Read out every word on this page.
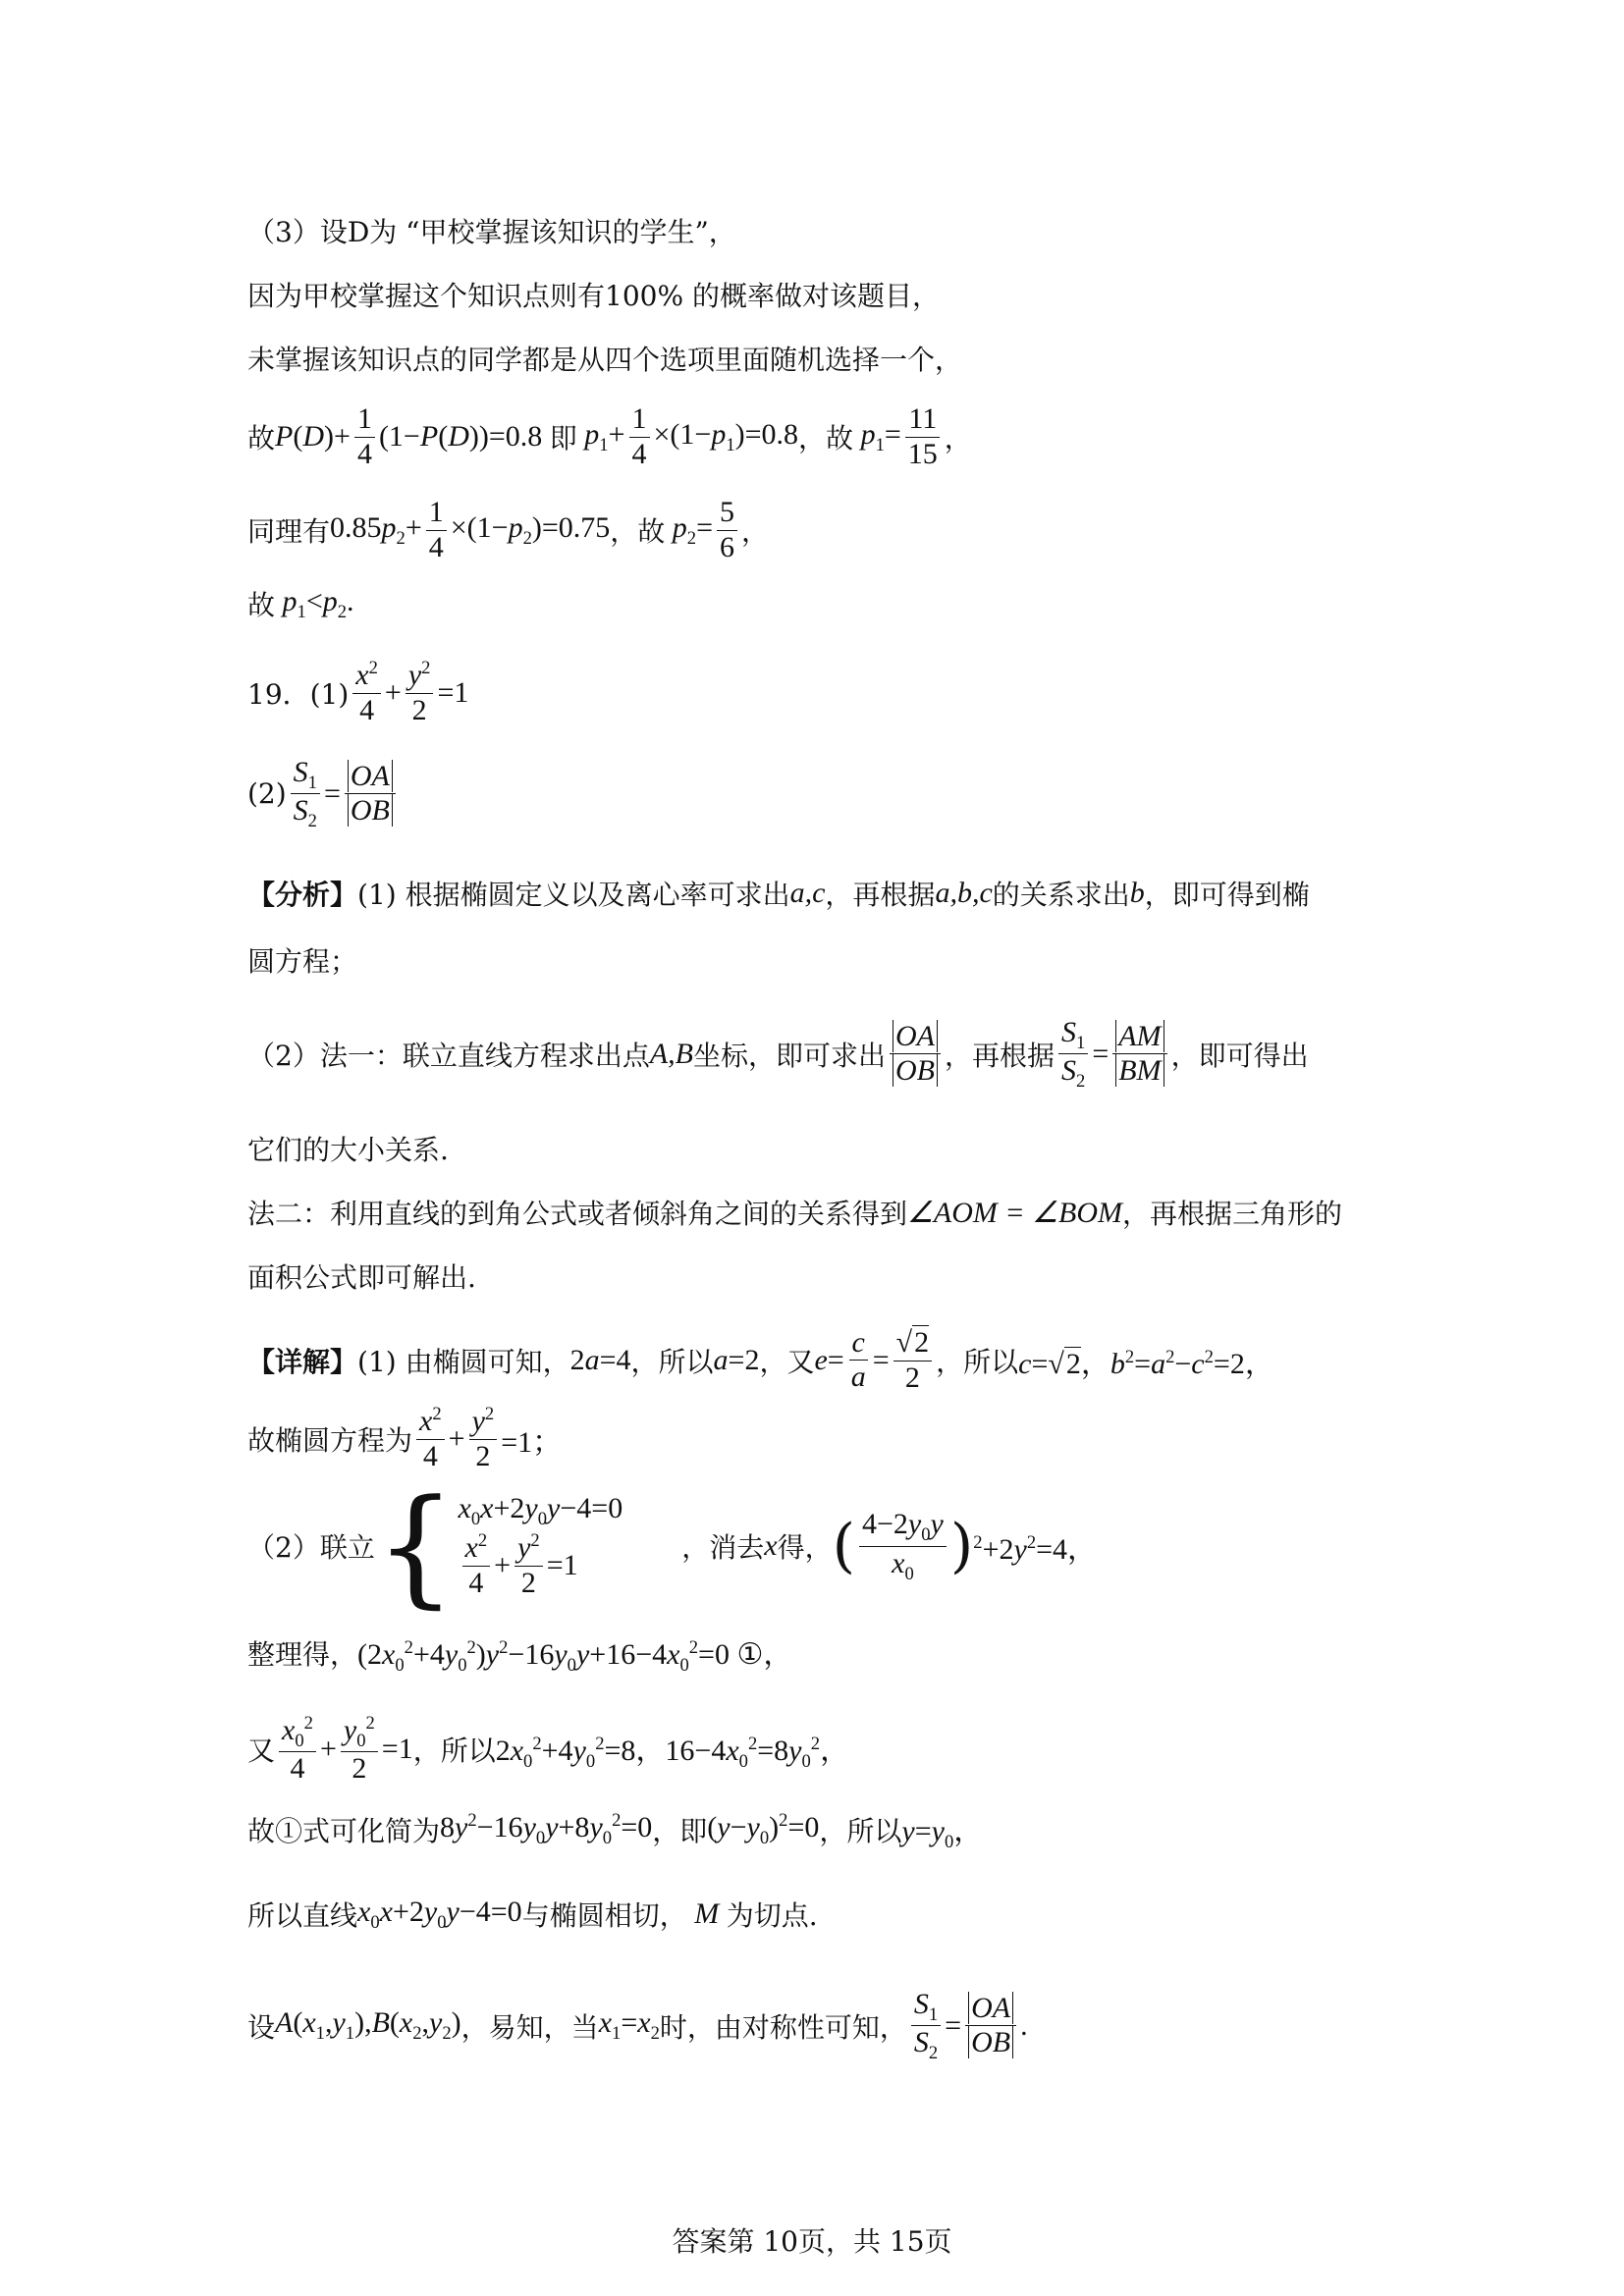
（3）设D为 “甲校掌握该知识的学生”，
因为甲校掌握这个知识点则有100% 的概率做对该题目，
未掌握该知识点的同学都是从四个选项里面随机选择一个，
故 $P(D)+ \frac{1}{4} (1-P(D))=0.8$ 即 $p_1+ \frac{1}{4} \times(1-p_1)=0.8$ ，故 $p_1= \frac{11}{15}$ ，
同理有 $0.85p_2+ \frac{1}{4} \times(1-p_2)=0.75$ ，故 $p_2= \frac{5}{6}$ ，
故 $p_1<p_2$.
19．$(1) \frac{x^2}{4} + \frac{y^2}{2} =1$
$(2) \frac{S_1}{S_2} = \frac{OA}{OB}$
【分析】 (1) 根据椭圆定义以及离心率可求出 a,c ，再根据 a,b,c 的关系求出 b ，即可得到椭
圆方程；
（2）法一：联立直线方程求出点 A,B 坐标，即可求出 $\frac{OA}{OB}$ ，再根据 $\frac{S_1}{S_2} = \frac{AM}{BM}$ ，即可得出
它们的大小关系.
法二：利用直线的到角公式或者倾斜角之间的关系得到 ∠AOM = ∠BOM ，再根据三角形的
面积公式即可解出.
【详解】 (1) 由椭圆可知， 2a=4 ，所以 a=2 ，又 $e= \frac{c}{a} = \frac{√2}{2}$ ，所以 c=√2，$b^2=a^2-c^2=2$，
故椭圆方程为 $\frac{x^2}{4} + \frac{y^2}{2} =1$；
（2）联立 { $x_0x+2y_0y-4=0$
$\frac{x^2}{4} + \frac{y^2}{2} =1$
，消去 x 得， ( $\frac{4-2y_0y}{x_0}$ ) $^2+2y^2=4$，
整理得， $(2x_0^2+4y_0^2)y^2-16y_0y+16-4x_0^2=0$ ①，
又 $\frac{x_0^2}{4} + \frac{y_0^2}{2} =1$ ，所以 $2x_0^2+4y_0^2=8$，$16-4x_0^2=8y_0^2$，
故①式可化简为 $8y^2-16y_0y+8y_0^2=0$ ，即 $(y-y_0)^2=0$ ，所以 $y=y_0$，
所以直线 $x_0x+2y_0y-4=0$ 与椭圆相切， M 为切点.
设 $A(x_1,y_1),B(x_2,y_2)$ ，易知，当 $x_1=x_2$ 时，由对称性可知， $\frac{S_1}{S_2} = \frac{OA}{OB}$ .
答案第 10页，共 15页
